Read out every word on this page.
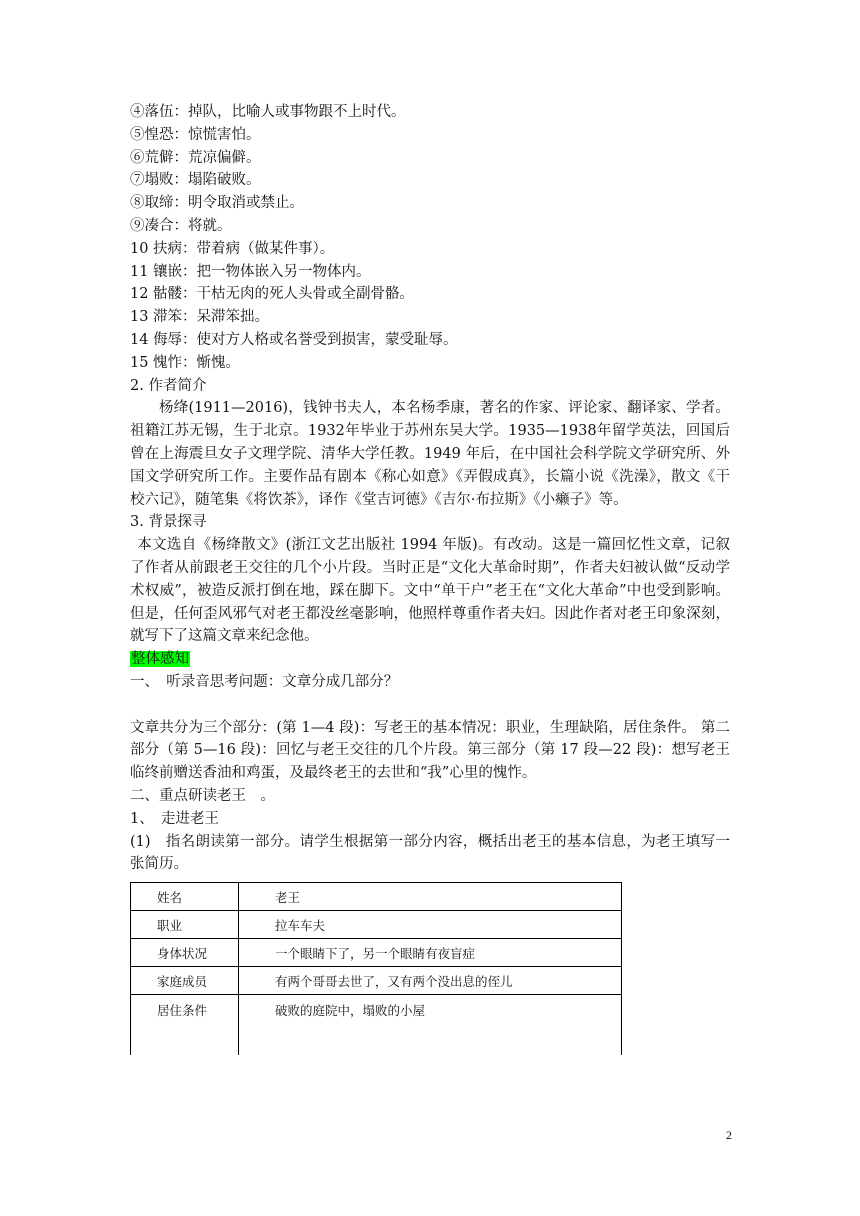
④落伍：掉队，比喻人或事物跟不上时代。
⑤惶恐：惊慌害怕。
⑥荒僻：荒凉偏僻。
⑦塌败：塌陷破败。
⑧取缔：明令取消或禁止。
⑨凑合：将就。
10 扶病：带着病（做某件事）。
11 镶嵌：把一物体嵌入另一物体内。
12 骷髅：干枯无肉的死人头骨或全副骨骼。
13 滞笨：呆滞笨拙。
14 侮辱：使对方人格或名誉受到损害，蒙受耻辱。
15 愧怍：惭愧。
2. 作者简介
杨绛(1911—2016)，钱钟书夫人，本名杨季康，著名的作家、评论家、翻译家、学者。祖籍江苏无锡，生于北京。1932年毕业于苏州东吴大学。1935—1938年留学英法，回国后曾在上海震旦女子文理学院、清华大学任教。1949 年后，在中国社会科学院文学研究所、外国文学研究所工作。主要作品有剧本《称心如意》《弄假成真》，长篇小说《洗澡》，散文《干校六记》，随笔集《将饮茶》，译作《堂吉诃德》《吉尔·布拉斯》《小癞子》等。
3. 背景探寻
本文选自《杨绛散文》(浙江文艺出版社 1994 年版)。有改动。这是一篇回忆性文章，记叙了作者从前跟老王交往的几个小片段。当时正是“文化大革命时期”，作者夫妇被认做“反动学术权威”，被造反派打倒在地，踩在脚下。文中“单干户”老王在“文化大革命”中也受到影响。但是，任何歪风邪气对老王都没丝毫影响，他照样尊重作者夫妇。因此作者对老王印象深刻，就写下了这篇文章来纪念他。
整体感知
一、　听录音思考问题：文章分成几部分？
文章共分为三个部分：(第 1—4 段)：写老王的基本情况：职业，生理缺陷，居住条件。 第二部分（第 5—16 段)：回忆与老王交往的几个片段。第三部分（第 17 段—22 段)：想写老王临终前赠送香油和鸡蛋，及最终老王的去世和“我”心里的愧怍。
二、重点研读老王　。
1、　走进老王
(1)　指名朗读第一部分。请学生根据第一部分内容，概括出老王的基本信息，为老王填写一张简历。
姓名	老王
职业	拉车车夫
身体状况	一个眼睛下了，另一个眼睛有夜盲症
家庭成员	有两个哥哥去世了，又有两个没出息的侄儿
居住条件	破败的庭院中，塌败的小屋
2
